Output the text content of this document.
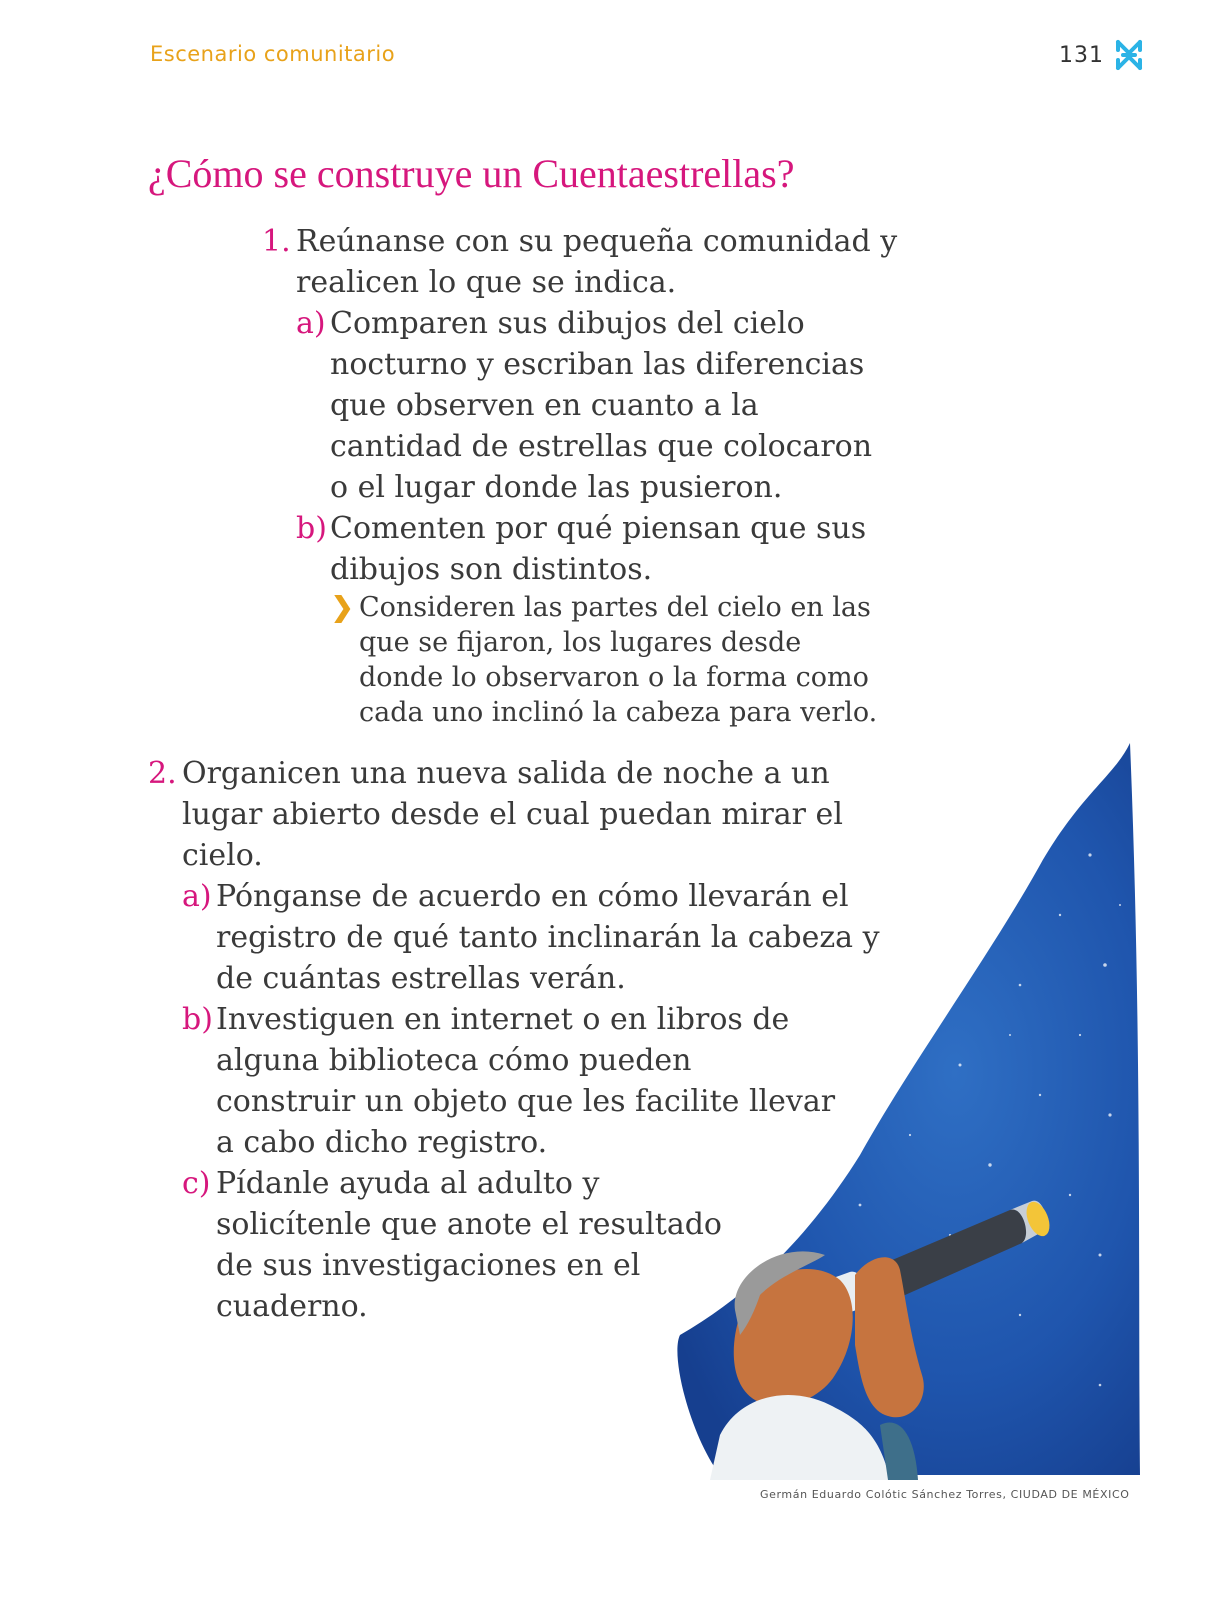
Escenario comunitario	131
¿Cómo se construye un Cuentaestrellas?
1. Reúnanse con su pequeña comunidad y realicen lo que se indica.
a) Comparen sus dibujos del cielo nocturno y escriban las diferencias que observen en cuanto a la cantidad de estrellas que colocaron o el lugar donde las pusieron.
b) Comenten por qué piensan que sus dibujos son distintos.
❯ Consideren las partes del cielo en las que se fijaron, los lugares desde donde lo observaron o la forma como cada uno inclinó la cabeza para verlo.
2. Organicen una nueva salida de noche a un lugar abierto desde el cual puedan mirar el cielo.
a) Pónganse de acuerdo en cómo llevarán el registro de qué tanto inclinarán la cabeza y de cuántas estrellas verán.
b) Investiguen en internet o en libros de alguna biblioteca cómo pueden construir un objeto que les facilite llevar a cabo dicho registro.
c) Pídanle ayuda al adulto y solicítenle que anote el resultado de sus investigaciones en el cuaderno.
Germán Eduardo Colótic Sánchez Torres, CIUDAD DE MÉXICO
